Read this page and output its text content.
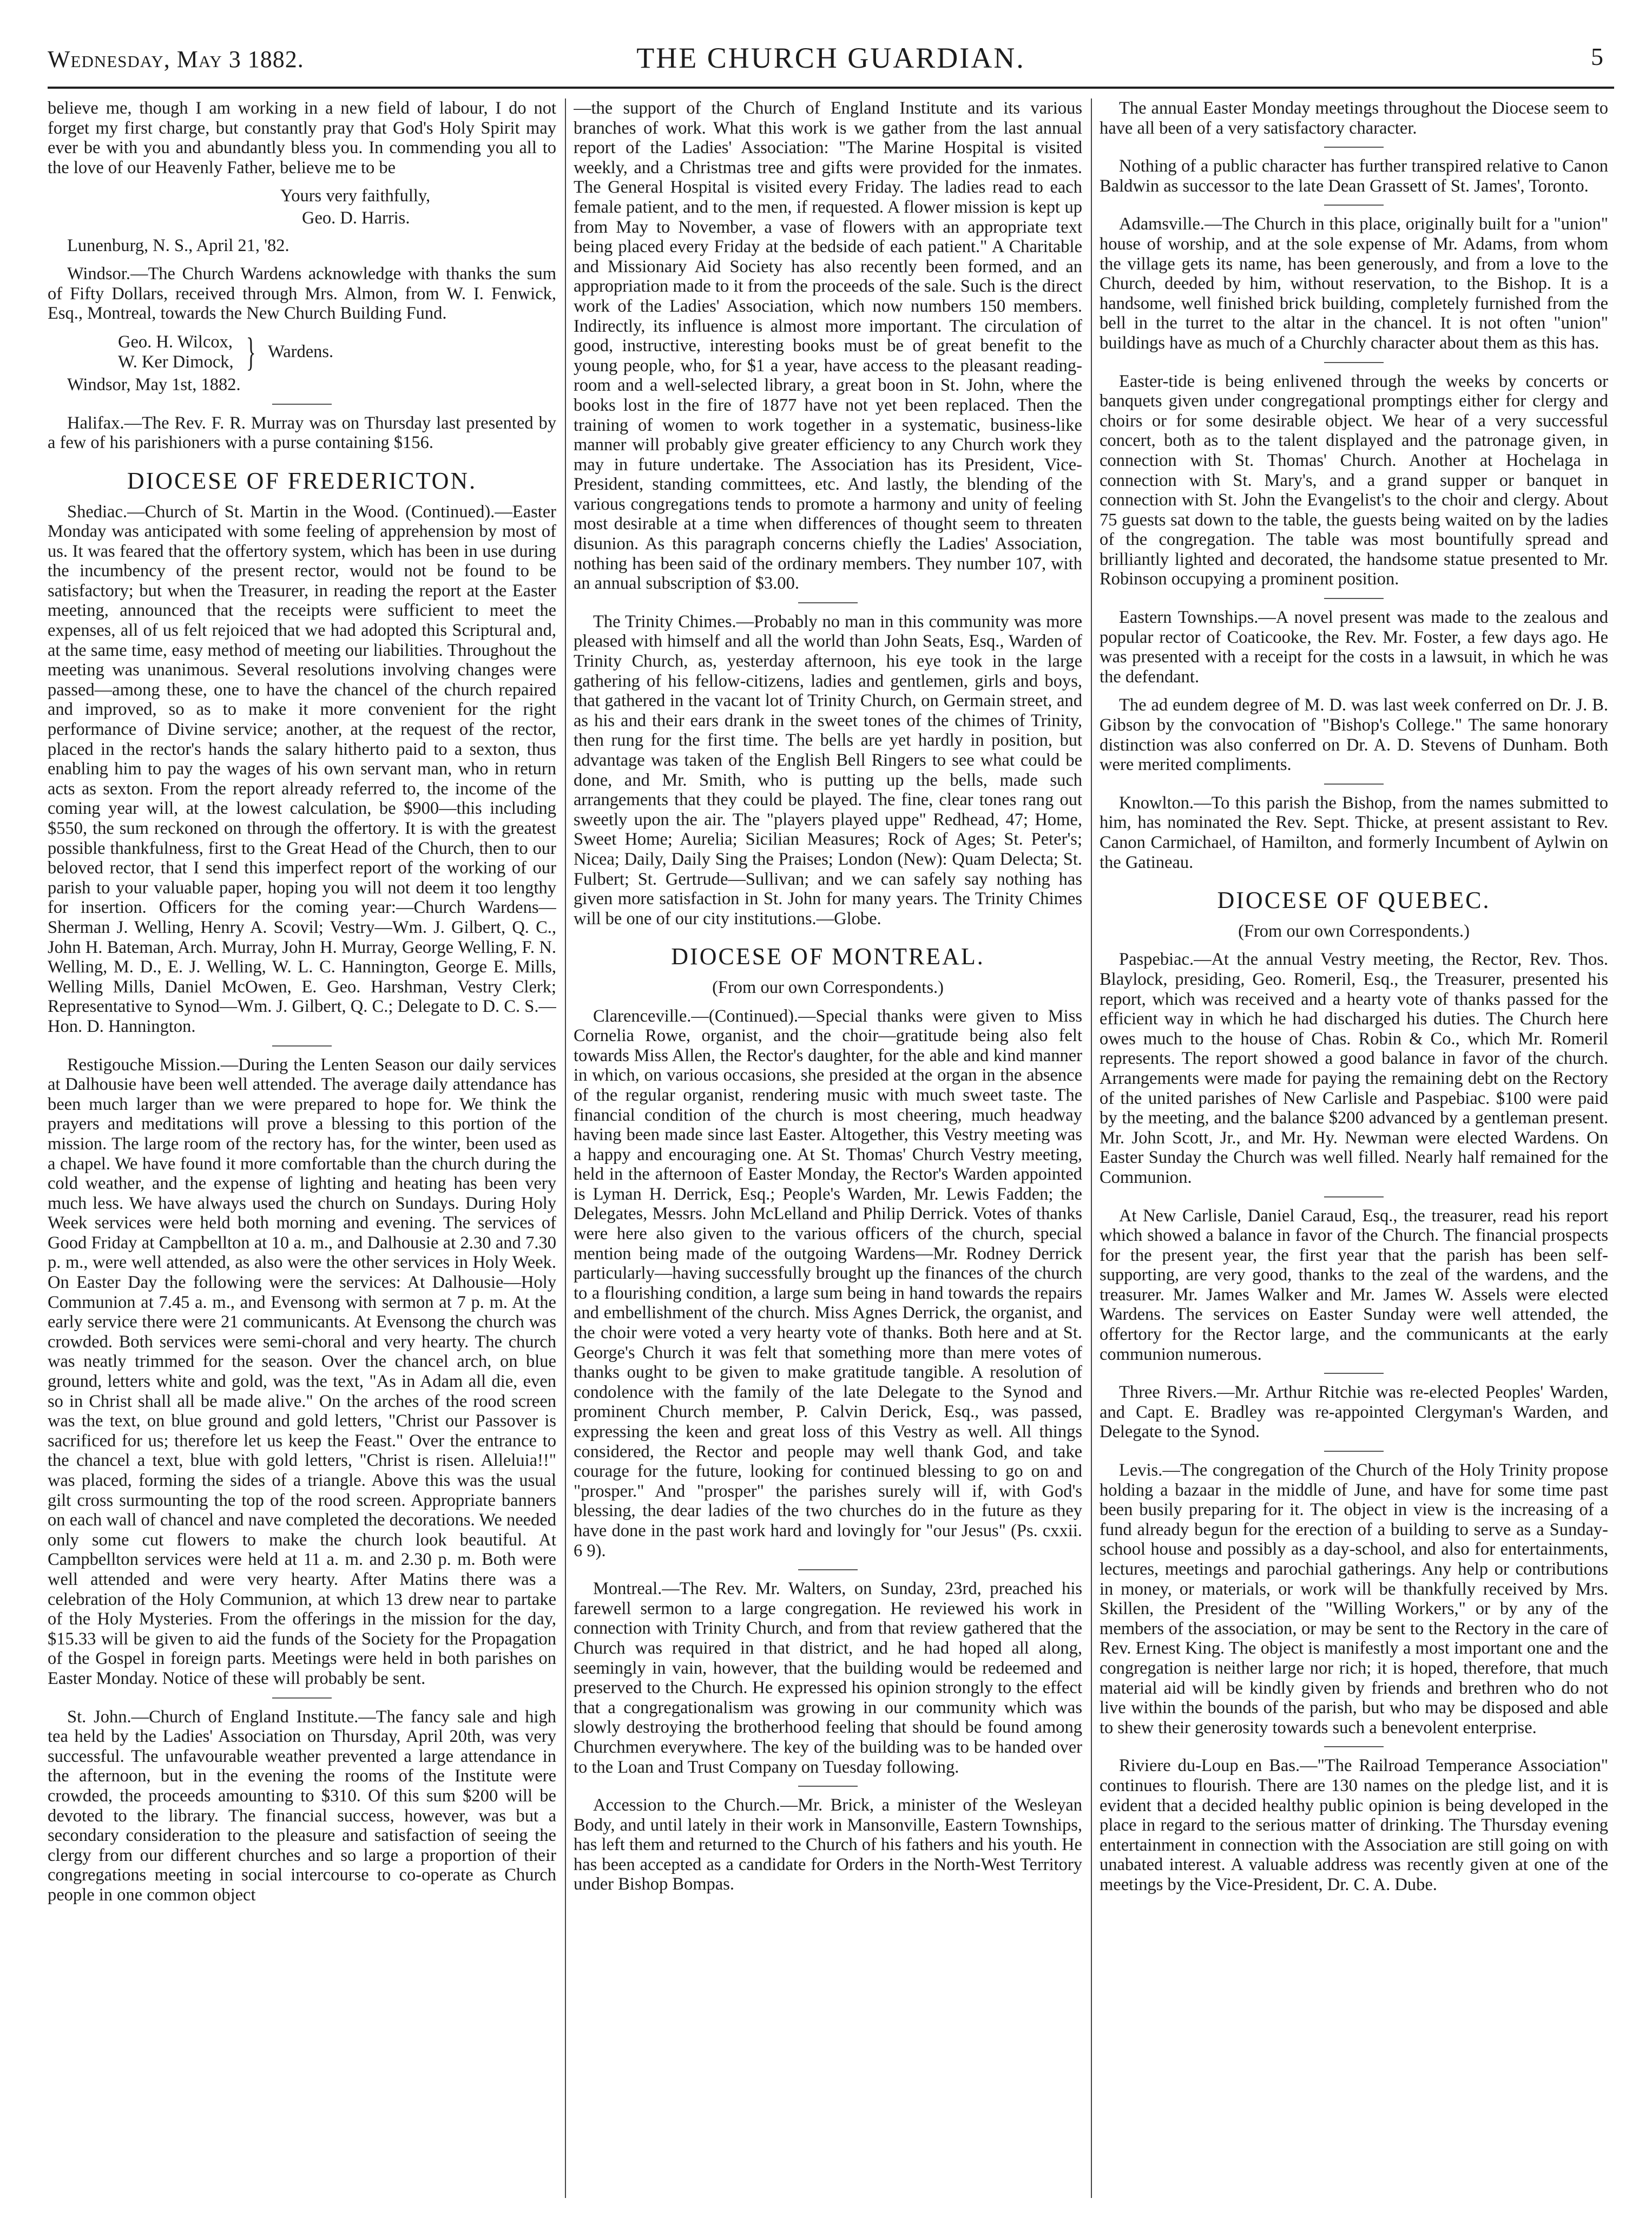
Wednesday, May 3 1882.	THE CHURCH GUARDIAN.	5

believe me, though I am working in a new field of labour, I do not forget my first charge, but constantly pray that God's Holy Spirit may ever be with you and abundantly bless you. In commending you all to the love of our Heavenly Father, believe me to be

Yours very faithfully,

Geo. D. Harris.

Lunenburg, N. S., April 21, '82.

Windsor.—The Church Wardens acknowledge with thanks the sum of Fifty Dollars, received through Mrs. Almon, from W. I. Fenwick, Esq., Montreal, towards the New Church Building Fund.

Geo. H. Wilcox,
W. Ker Dimock, } Wardens.

Windsor, May 1st, 1882.

Halifax.—The Rev. F. R. Murray was on Thursday last presented by a few of his parishioners with a purse containing $156.

DIOCESE OF FREDERICTON.

Shediac.—Church of St. Martin in the Wood. (Continued).—Easter Monday was anticipated with some feeling of apprehension by most of us. It was feared that the offertory system, which has been in use during the incumbency of the present rector, would not be found to be satisfactory; but when the Treasurer, in reading the report at the Easter meeting, announced that the receipts were sufficient to meet the expenses, all of us felt rejoiced that we had adopted this Scriptural and, at the same time, easy method of meeting our liabilities. Throughout the meeting was unanimous. Several resolutions involving changes were passed—among these, one to have the chancel of the church repaired and improved, so as to make it more convenient for the right performance of Divine service; another, at the request of the rector, placed in the rector's hands the salary hitherto paid to a sexton, thus enabling him to pay the wages of his own servant man, who in return acts as sexton. From the report already referred to, the income of the coming year will, at the lowest calculation, be $900—this including $550, the sum reckoned on through the offertory. It is with the greatest possible thankfulness, first to the Great Head of the Church, then to our beloved rector, that I send this imperfect report of the working of our parish to your valuable paper, hoping you will not deem it too lengthy for insertion. Officers for the coming year:—Church Wardens—Sherman J. Welling, Henry A. Scovil; Vestry—Wm. J. Gilbert, Q. C., John H. Bateman, Arch. Murray, John H. Murray, George Welling, F. N. Welling, M. D., E. J. Welling, W. L. C. Hannington, George E. Mills, Welling Mills, Daniel McOwen, E. Geo. Harshman, Vestry Clerk; Representative to Synod—Wm. J. Gilbert, Q. C.; Delegate to D. C. S.—Hon. D. Hannington.

Restigouche Mission.—During the Lenten Season our daily services at Dalhousie have been well attended. The average daily attendance has been much larger than we were prepared to hope for. We think the prayers and meditations will prove a blessing to this portion of the mission. The large room of the rectory has, for the winter, been used as a chapel. We have found it more comfortable than the church during the cold weather, and the expense of lighting and heating has been very much less. We have always used the church on Sundays. During Holy Week services were held both morning and evening. The services of Good Friday at Campbellton at 10 a. m., and Dalhousie at 2.30 and 7.30 p. m., were well attended, as also were the other services in Holy Week. On Easter Day the following were the services: At Dalhousie—Holy Communion at 7.45 a. m., and Evensong with sermon at 7 p. m. At the early service there were 21 communicants. At Evensong the church was crowded. Both services were semi-choral and very hearty. The church was neatly trimmed for the season. Over the chancel arch, on blue ground, letters white and gold, was the text, "As in Adam all die, even so in Christ shall all be made alive." On the arches of the rood screen was the text, on blue ground and gold letters, "Christ our Passover is sacrificed for us; therefore let us keep the Feast." Over the entrance to the chancel a text, blue with gold letters, "Christ is risen. Alleluia!!" was placed, forming the sides of a triangle. Above this was the usual gilt cross surmounting the top of the rood screen. Appropriate banners on each wall of chancel and nave completed the decorations. We needed only some cut flowers to make the church look beautiful. At Campbellton services were held at 11 a. m. and 2.30 p. m. Both were well attended and were very hearty. After Matins there was a celebration of the Holy Communion, at which 13 drew near to partake of the Holy Mysteries. From the offerings in the mission for the day, $15.33 will be given to aid the funds of the Society for the Propagation of the Gospel in foreign parts. Meetings were held in both parishes on Easter Monday. Notice of these will probably be sent.

St. John.—Church of England Institute.—The fancy sale and high tea held by the Ladies' Association on Thursday, April 20th, was very successful. The unfavourable weather prevented a large attendance in the afternoon, but in the evening the rooms of the Institute were crowded, the proceeds amounting to $310. Of this sum $200 will be devoted to the library. The financial success, however, was but a secondary consideration to the pleasure and satisfaction of seeing the clergy from our different churches and so large a proportion of their congregations meeting in social intercourse to co-operate as Church people in one common object

—the support of the Church of England Institute and its various branches of work. What this work is we gather from the last annual report of the Ladies' Association: "The Marine Hospital is visited weekly, and a Christmas tree and gifts were provided for the inmates. The General Hospital is visited every Friday. The ladies read to each female patient, and to the men, if requested. A flower mission is kept up from May to November, a vase of flowers with an appropriate text being placed every Friday at the bedside of each patient." A Charitable and Missionary Aid Society has also recently been formed, and an appropriation made to it from the proceeds of the sale. Such is the direct work of the Ladies' Association, which now numbers 150 members. Indirectly, its influence is almost more important. The circulation of good, instructive, interesting books must be of great benefit to the young people, who, for $1 a year, have access to the pleasant reading-room and a well-selected library, a great boon in St. John, where the books lost in the fire of 1877 have not yet been replaced. Then the training of women to work together in a systematic, business-like manner will probably give greater efficiency to any Church work they may in future undertake. The Association has its President, Vice-President, standing committees, etc. And lastly, the blending of the various congregations tends to promote a harmony and unity of feeling most desirable at a time when differences of thought seem to threaten disunion. As this paragraph concerns chiefly the Ladies' Association, nothing has been said of the ordinary members. They number 107, with an annual subscription of $3.00.

The Trinity Chimes.—Probably no man in this community was more pleased with himself and all the world than John Seats, Esq., Warden of Trinity Church, as, yesterday afternoon, his eye took in the large gathering of his fellow-citizens, ladies and gentlemen, girls and boys, that gathered in the vacant lot of Trinity Church, on Germain street, and as his and their ears drank in the sweet tones of the chimes of Trinity, then rung for the first time. The bells are yet hardly in position, but advantage was taken of the English Bell Ringers to see what could be done, and Mr. Smith, who is putting up the bells, made such arrangements that they could be played. The fine, clear tones rang out sweetly upon the air. The "players played uppe" Redhead, 47; Home, Sweet Home; Aurelia; Sicilian Measures; Rock of Ages; St. Peter's; Nicea; Daily, Daily Sing the Praises; London (New): Quam Delecta; St. Fulbert; St. Gertrude—Sullivan; and we can safely say nothing has given more satisfaction in St. John for many years. The Trinity Chimes will be one of our city institutions.—Globe.

DIOCESE OF MONTREAL.

(From our own Correspondents.)

Clarenceville.—(Continued).—Special thanks were given to Miss Cornelia Rowe, organist, and the choir—gratitude being also felt towards Miss Allen, the Rector's daughter, for the able and kind manner in which, on various occasions, she presided at the organ in the absence of the regular organist, rendering music with much sweet taste. The financial condition of the church is most cheering, much headway having been made since last Easter. Altogether, this Vestry meeting was a happy and encouraging one. At St. Thomas' Church Vestry meeting, held in the afternoon of Easter Monday, the Rector's Warden appointed is Lyman H. Derrick, Esq.; People's Warden, Mr. Lewis Fadden; the Delegates, Messrs. John McLelland and Philip Derrick. Votes of thanks were here also given to the various officers of the church, special mention being made of the outgoing Wardens—Mr. Rodney Derrick particularly—having successfully brought up the finances of the church to a flourishing condition, a large sum being in hand towards the repairs and embellishment of the church. Miss Agnes Derrick, the organist, and the choir were voted a very hearty vote of thanks. Both here and at St. George's Church it was felt that something more than mere votes of thanks ought to be given to make gratitude tangible. A resolution of condolence with the family of the late Delegate to the Synod and prominent Church member, P. Calvin Derick, Esq., was passed, expressing the keen and great loss of this Vestry as well. All things considered, the Rector and people may well thank God, and take courage for the future, looking for continued blessing to go on and "prosper." And "prosper" the parishes surely will if, with God's blessing, the dear ladies of the two churches do in the future as they have done in the past work hard and lovingly for "our Jesus" (Ps. cxxii. 6 9).

Montreal.—The Rev. Mr. Walters, on Sunday, 23rd, preached his farewell sermon to a large congregation. He reviewed his work in connection with Trinity Church, and from that review gathered that the Church was required in that district, and he had hoped all along, seemingly in vain, however, that the building would be redeemed and preserved to the Church. He expressed his opinion strongly to the effect that a congregationalism was growing in our community which was slowly destroying the brotherhood feeling that should be found among Churchmen everywhere. The key of the building was to be handed over to the Loan and Trust Company on Tuesday following.

Accession to the Church.—Mr. Brick, a minister of the Wesleyan Body, and until lately in their work in Mansonville, Eastern Townships, has left them and returned to the Church of his fathers and his youth. He has been accepted as a candidate for Orders in the North-West Territory under Bishop Bompas.

The annual Easter Monday meetings throughout the Diocese seem to have all been of a very satisfactory character.

Nothing of a public character has further transpired relative to Canon Baldwin as successor to the late Dean Grassett of St. James', Toronto.

Adamsville.—The Church in this place, originally built for a "union" house of worship, and at the sole expense of Mr. Adams, from whom the village gets its name, has been generously, and from a love to the Church, deeded by him, without reservation, to the Bishop. It is a handsome, well finished brick building, completely furnished from the bell in the turret to the altar in the chancel. It is not often "union" buildings have as much of a Churchly character about them as this has.

Easter-tide is being enlivened through the weeks by concerts or banquets given under congregational promptings either for clergy and choirs or for some desirable object. We hear of a very successful concert, both as to the talent displayed and the patronage given, in connection with St. Thomas' Church. Another at Hochelaga in connection with St. Mary's, and a grand supper or banquet in connection with St. John the Evangelist's to the choir and clergy. About 75 guests sat down to the table, the guests being waited on by the ladies of the congregation. The table was most bountifully spread and brilliantly lighted and decorated, the handsome statue presented to Mr. Robinson occupying a prominent position.

Eastern Townships.—A novel present was made to the zealous and popular rector of Coaticooke, the Rev. Mr. Foster, a few days ago. He was presented with a receipt for the costs in a lawsuit, in which he was the defendant.

The ad eundem degree of M. D. was last week conferred on Dr. J. B. Gibson by the convocation of "Bishop's College." The same honorary distinction was also conferred on Dr. A. D. Stevens of Dunham. Both were merited compliments.

Knowlton.—To this parish the Bishop, from the names submitted to him, has nominated the Rev. Sept. Thicke, at present assistant to Rev. Canon Carmichael, of Hamilton, and formerly Incumbent of Aylwin on the Gatineau.

DIOCESE OF QUEBEC.

(From our own Correspondents.)

Paspebiac.—At the annual Vestry meeting, the Rector, Rev. Thos. Blaylock, presiding, Geo. Romeril, Esq., the Treasurer, presented his report, which was received and a hearty vote of thanks passed for the efficient way in which he had discharged his duties. The Church here owes much to the house of Chas. Robin & Co., which Mr. Romeril represents. The report showed a good balance in favor of the church. Arrangements were made for paying the remaining debt on the Rectory of the united parishes of New Carlisle and Paspebiac. $100 were paid by the meeting, and the balance $200 advanced by a gentleman present. Mr. John Scott, Jr., and Mr. Hy. Newman were elected Wardens. On Easter Sunday the Church was well filled. Nearly half remained for the Communion.

At New Carlisle, Daniel Caraud, Esq., the treasurer, read his report which showed a balance in favor of the Church. The financial prospects for the present year, the first year that the parish has been self-supporting, are very good, thanks to the zeal of the wardens, and the treasurer. Mr. James Walker and Mr. James W. Assels were elected Wardens. The services on Easter Sunday were well attended, the offertory for the Rector large, and the communicants at the early communion numerous.

Three Rivers.—Mr. Arthur Ritchie was re-elected Peoples' Warden, and Capt. E. Bradley was re-appointed Clergyman's Warden, and Delegate to the Synod.

Levis.—The congregation of the Church of the Holy Trinity propose holding a bazaar in the middle of June, and have for some time past been busily preparing for it. The object in view is the increasing of a fund already begun for the erection of a building to serve as a Sunday-school house and possibly as a day-school, and also for entertainments, lectures, meetings and parochial gatherings. Any help or contributions in money, or materials, or work will be thankfully received by Mrs. Skillen, the President of the "Willing Workers," or by any of the members of the association, or may be sent to the Rectory in the care of Rev. Ernest King. The object is manifestly a most important one and the congregation is neither large nor rich; it is hoped, therefore, that much material aid will be kindly given by friends and brethren who do not live within the bounds of the parish, but who may be disposed and able to shew their generosity towards such a benevolent enterprise.

Riviere du-Loup en Bas.—"The Railroad Temperance Association" continues to flourish. There are 130 names on the pledge list, and it is evident that a decided healthy public opinion is being developed in the place in regard to the serious matter of drinking. The Thursday evening entertainment in connection with the Association are still going on with unabated interest. A valuable address was recently given at one of the meetings by the Vice-President, Dr. C. A. Dube.
